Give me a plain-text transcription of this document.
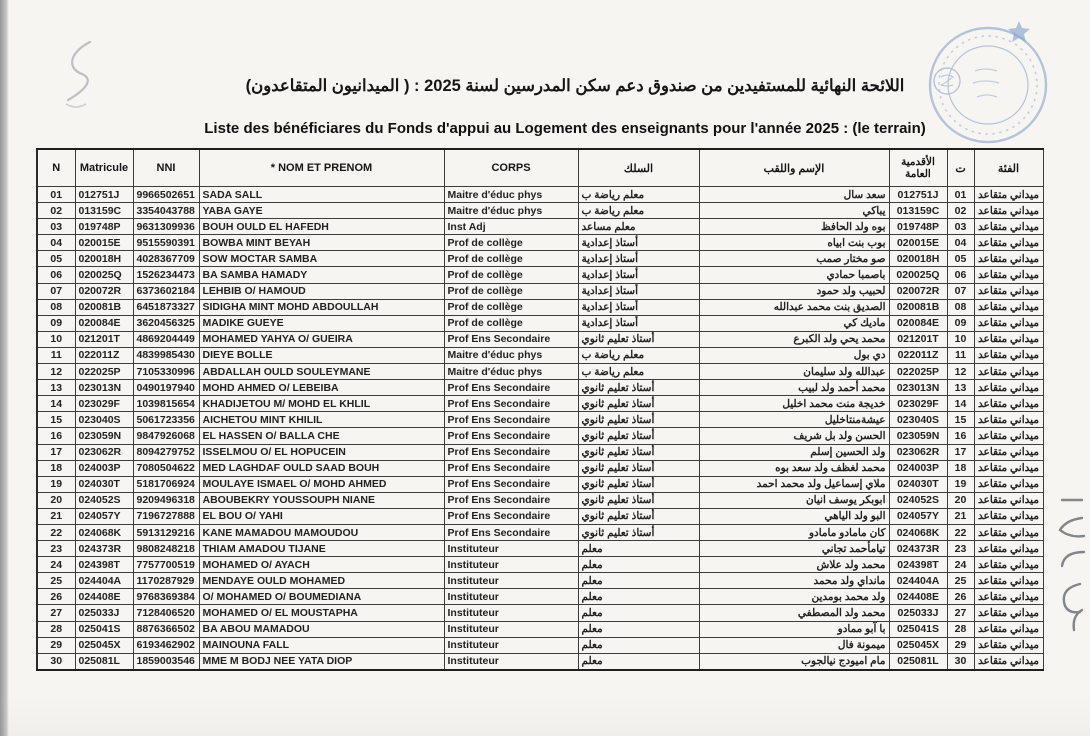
اللائحة النهائية للمستفيدين من صندوق دعم سكن المدرسين لسنة 2025 : ( الميدانيون المتقاعدون)
Liste des bénéficiares du Fonds d'appui au Logement des enseignants pour l'année 2025 : (le terrain)
N	Matricule	NNI	* NOM ET PRENOM	CORPS	السلك	الإسم واللقب	الأقدمية العامة	ت	الفئة
01	012751J	9966502651	SADA SALL	Maitre d'éduc phys	معلم رياضة ب	سعد سال	012751J	01	ميداني متقاعد
02	013159C	3354043788	YABA GAYE	Maitre d'éduc phys	معلم رياضة ب	يباكي	013159C	02	ميداني متقاعد
03	019748P	9631309936	BOUH OULD EL HAFEDH	Inst Adj	معلم مساعد	بوه ولد الحافظ	019748P	03	ميداني متقاعد
04	020015E	9515590391	BOWBA MINT BEYAH	Prof de collège	أستاذ إعدادية	بوب بنت ابياه	020015E	04	ميداني متقاعد
05	020018H	4028367709	SOW MOCTAR SAMBA	Prof de collège	أستاذ إعدادية	صو مختار صمب	020018H	05	ميداني متقاعد
06	020025Q	1526234473	BA SAMBA HAMADY	Prof de collège	أستاذ إعدادية	باصمبا حمادي	020025Q	06	ميداني متقاعد
07	020072R	6373602184	LEHBIB O/ HAMOUD	Prof de collège	أستاذ إعدادية	لحبيب ولد حمود	020072R	07	ميداني متقاعد
08	020081B	6451873327	SIDIGHA MINT MOHD ABDOULLAH	Prof de collège	أستاذ إعدادية	الصديق بنت محمد عبدالله	020081B	08	ميداني متقاعد
09	020084E	3620456325	MADIKE GUEYE	Prof de collège	أستاذ إعدادية	ماديك كي	020084E	09	ميداني متقاعد
10	021201T	4869204449	MOHAMED YAHYA O/ GUEIRA	Prof Ens Secondaire	أستاذ تعليم ثانوي	محمد يحي ولد الكبرع	021201T	10	ميداني متقاعد
11	022011Z	4839985430	DIEYE BOLLE	Maitre d'éduc phys	معلم رياضة ب	دي بول	022011Z	11	ميداني متقاعد
12	022025P	7105330996	ABDALLAH OULD SOULEYMANE	Maitre d'éduc phys	معلم رياضة ب	عبدالله ولد سليمان	022025P	12	ميداني متقاعد
13	023013N	0490197940	MOHD AHMED O/ LEBEIBA	Prof Ens Secondaire	أستاذ تعليم ثانوي	محمد أحمد ولد لبيب	023013N	13	ميداني متقاعد
14	023029F	1039815654	KHADIJETOU M/ MOHD EL KHLIL	Prof Ens Secondaire	أستاذ تعليم ثانوي	خديجة منت محمد اخليل	023029F	14	ميداني متقاعد
15	023040S	5061723356	AICHETOU MINT KHILIL	Prof Ens Secondaire	أستاذ تعليم ثانوي	عيشةمنتاخليل	023040S	15	ميداني متقاعد
16	023059N	9847926068	EL HASSEN O/ BALLA CHE	Prof Ens Secondaire	أستاذ تعليم ثانوي	الحسن ولد بل شريف	023059N	16	ميداني متقاعد
17	023062R	8094279752	ISSELMOU O/ EL HOPUCEIN	Prof Ens Secondaire	أستاذ تعليم ثانوي	ولد الحسين إسلم	023062R	17	ميداني متقاعد
18	024003P	7080504622	MED LAGHDAF OULD SAAD BOUH	Prof Ens Secondaire	أستاذ تعليم ثانوي	محمد لغظف ولد سعد بوه	024003P	18	ميداني متقاعد
19	024030T	5181706924	MOULAYE ISMAEL O/ MOHD AHMED	Prof Ens Secondaire	أستاذ تعليم ثانوي	ملاي إسماعيل ولد محمد احمد	024030T	19	ميداني متقاعد
20	024052S	9209496318	ABOUBEKRY YOUSSOUPH NIANE	Prof Ens Secondaire	أستاذ تعليم ثانوي	ابوبكر يوسف انيان	024052S	20	ميداني متقاعد
21	024057Y	7196727888	EL BOU O/ YAHI	Prof Ens Secondaire	أستاذ تعليم ثانوي	البو ولد الياهي	024057Y	21	ميداني متقاعد
22	024068K	5913129216	KANE MAMADOU MAMOUDOU	Prof Ens Secondaire	أستاذ تعليم ثانوي	كان مامادو مامادو	024068K	22	ميداني متقاعد
23	024373R	9808248218	THIAM AMADOU TIJANE	Instituteur	معلم	تيامأحمد تجاني	024373R	23	ميداني متقاعد
24	024398T	7757700519	MOHAMED O/ AYACH	Instituteur	معلم	محمد ولد علاش	024398T	24	ميداني متقاعد
25	024404A	1170287929	MENDAYE OULD MOHAMED	Instituteur	معلم	مانداي ولد محمد	024404A	25	ميداني متقاعد
26	024408E	9768369384	O/ MOHAMED O/ BOUMEDIANA	Instituteur	معلم	ولد محمد بومدين	024408E	26	ميداني متقاعد
27	025033J	7128406520	MOHAMED O/ EL MOUSTAPHA	Instituteur	معلم	محمد ولد المصطفي	025033J	27	ميداني متقاعد
28	025041S	8876366502	BA ABOU MAMADOU	Instituteur	معلم	با آبو ممادو	025041S	28	ميداني متقاعد
29	025045X	6193462902	MAINOUNA FALL	Instituteur	معلم	ميمونة فال	025045X	29	ميداني متقاعد
30	025081L	1859003546	MME M BODJ NEE YATA DIOP	Instituteur	معلم	مام اميودج نيالجوب	025081L	30	ميداني متقاعد
